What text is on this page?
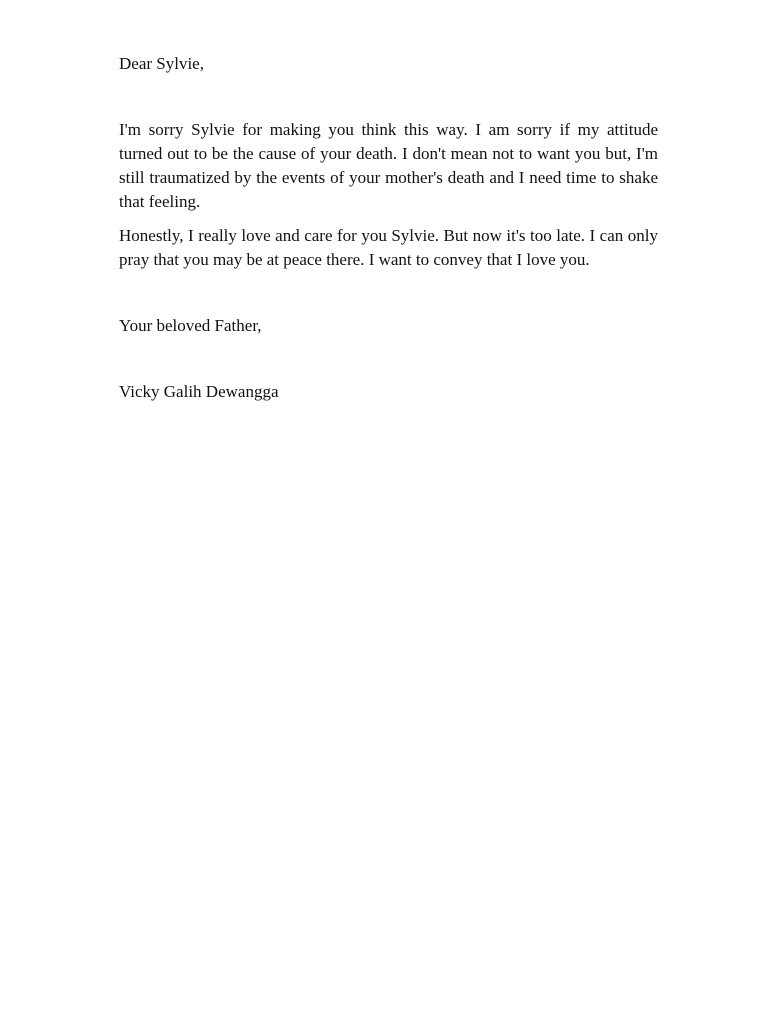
Dear Sylvie,

I'm sorry Sylvie for making you think this way. I am sorry if my attitude turned out to be the cause of your death. I don't mean not to want you but, I'm still traumatized by the events of your mother's death and I need time to shake that feeling.

Honestly, I really love and care for you Sylvie. But now it's too late. I can only pray that you may be at peace there. I want to convey that I love you.

Your beloved Father,

Vicky Galih Dewangga
